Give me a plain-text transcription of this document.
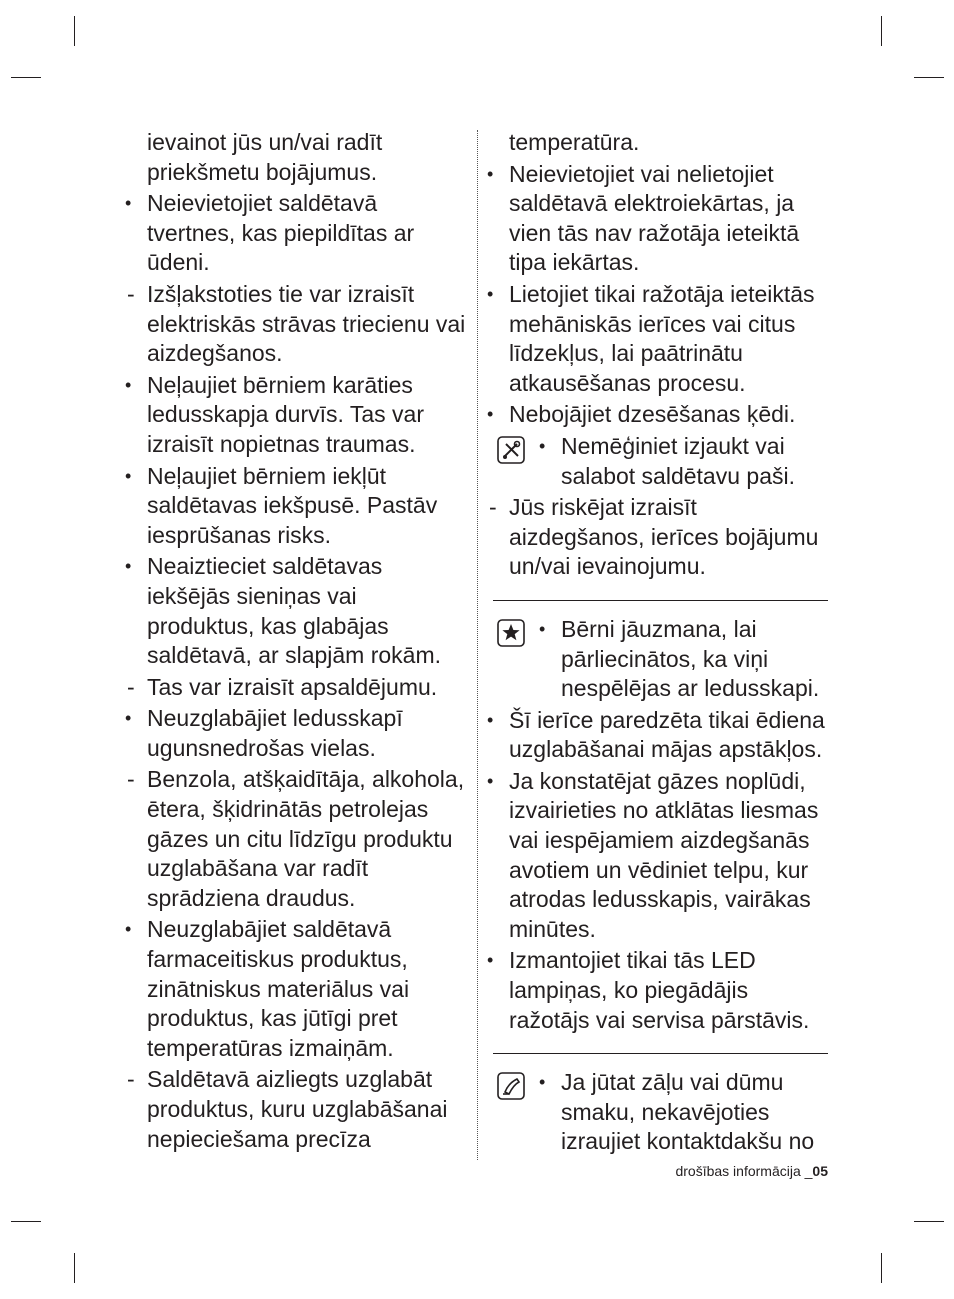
ievainot jūs un/vai radīt priekšmetu bojājumus.
• Neievietojiet saldētavā tvertnes, kas piepildītas ar ūdeni.
- Izšļakstoties tie var izraisīt elektriskās strāvas triecienu vai aizdegšanos.
• Neļaujiet bērniem karāties ledusskapja durvīs. Tas var izraisīt nopietnas traumas.
• Neļaujiet bērniem iekļūt saldētavas iekšpusē. Pastāv iesprūšanas risks.
• Neaiztieciet saldētavas iekšējās sieniņas vai produktus, kas glabājas saldētavā, ar slapjām rokām.
- Tas var izraisīt apsaldējumu.
• Neuzglabājiet ledusskapī ugunsnedrošas vielas.
- Benzola, atšķaidītāja, alkohola, ētera, šķidrinātās petrolejas gāzes un citu līdzīgu produktu uzglabāšana var radīt sprādziena draudus.
• Neuzglabājiet saldētavā farmaceitiskus produktus, zinātniskus materiālus vai produktus, kas jūtīgi pret temperatūras izmaiņām.
- Saldētavā aizliegts uzglabāt produktus, kuru uzglabāšanai nepieciešama precīza
temperatūra.
• Neievietojiet vai nelietojiet saldētavā elektroiekārtas, ja vien tās nav ražotāja ieteiktā tipa iekārtas.
• Lietojiet tikai ražotāja ieteiktās mehāniskās ierīces vai citus līdzekļus, lai paātrinātu atkausēšanas procesu.
• Nebojājiet dzesēšanas ķēdi.
• Nemēģiniet izjaukt vai salabot saldētavu paši.
- Jūs riskējat izraisīt aizdegšanos, ierīces bojājumu un/vai ievainojumu.
• Bērni jāuzmana, lai pārliecinātos, ka viņi nespēlējas ar ledusskapi.
• Šī ierīce paredzēta tikai ēdiena uzglabāšanai mājas apstākļos.
• Ja konstatējat gāzes noplūdi, izvairieties no atklātas liesmas vai iespējamiem aizdegšanās avotiem un vēdiniet telpu, kur atrodas ledusskapis, vairākas minūtes.
• Izmantojiet tikai tās LED lampiņas, ko piegādājis ražotājs vai servisa pārstāvis.
• Ja jūtat zāļu vai dūmu smaku, nekavējoties izraujiet kontaktdakšu no
drošības informācija _05
